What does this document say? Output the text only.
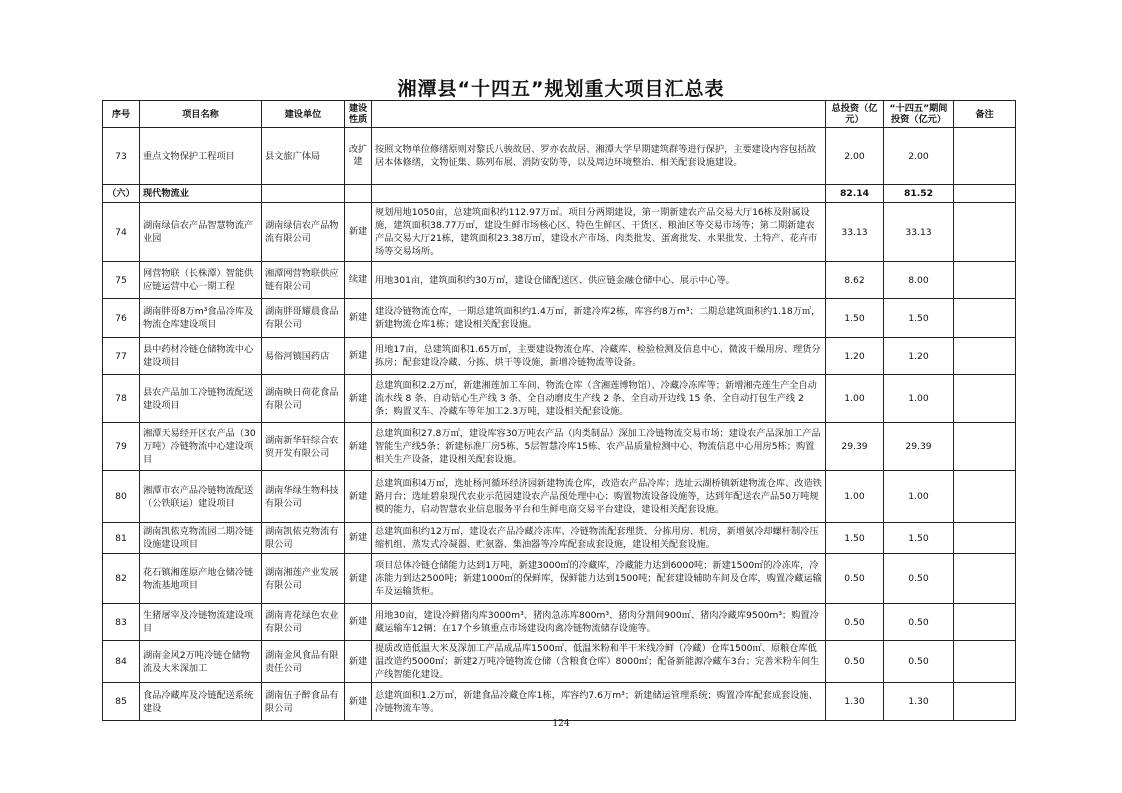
湘潭县“十四五”规划重大项目汇总表
序号	项目名称	建设单位	建设性质		总投资（亿元）	“十四五”期间投资（亿元）	备注
73	重点文物保护工程项目	县文旅广体局	改扩建	按照文物单位修缮原则对黎氏八骏故居、罗亦农故居、湘潭大学早期建筑群等进行保护，主要建设内容包括故居本体修缮，文物征集、陈列布展、消防安防等，以及周边环境整治、相关配套设施建设。	2.00	2.00	
（六）	现代物流业				82.14	81.52	
74	湖南绿信农产品智慧物流产业园	湖南绿信农产品物流有限公司	新建	规划用地1050亩，总建筑面积约112.97万㎡。项目分两期建设，第一期新建农产品交易大厅16栋及附属设施，建筑面积38.77万㎡，建设生鲜市场核心区、特色生鲜区、干货区、粮油区等交易市场等；第二期新建农产品交易大厅21栋，建筑面积23.38万㎡，建设水产市场、肉类批发、蛋禽批发、水果批发、土特产、花卉市场等交易场所。	33.13	33.13	
75	网营物联（长株潭）智能供应链运营中心一期工程	湘潭网营物联供应链有限公司	续建	用地301亩，建筑面积约30万㎡，建设仓储配送区、供应链金融仓储中心、展示中心等。	8.62	8.00	
76	湖南胖哥8万m³食品冷库及物流仓库建设项目	湖南胖哥耀晨食品有限公司	新建	建设冷链物流仓库，一期总建筑面积约1.4万㎡，新建冷库2栋，库容约8万m³；二期总建筑面积约1.18万㎡，新建物流仓库1栋；建设相关配套设施。	1.50	1.50	
77	县中药材冷链仓储物流中心建设项目	易俗河镇国药店	新建	用地17亩，总建筑面积1.65万㎡，主要建设物流仓库、冷藏库、检验检测及信息中心、微波干燥用房、理货分拣房；配套建设冷藏、分拣、烘干等设施，新增冷链物流等设备。	1.20	1.20	
78	县农产品加工冷链物流配送建设项目	湖南映日荷花食品有限公司	新建	总建筑面积2.2万㎡，新建湘莲加工车间、物流仓库（含湘莲博物馆）、冷藏冷冻库等；新增湘壳莲生产全自动流水线 8 条、自动钻心生产线 3 条、全自动磨皮生产线 2 条、全自动开边线 15 条、全自动打包生产线 2 条；购置叉车、冷藏车等年加工2.3万吨，建设相关配套设施。	1.00	1.00	
79	湘潭天易经开区农产品（30万吨）冷链物流中心建设项目	湖南新华轩综合农贸开发有限公司	新建	总建筑面积27.8万㎡，建设库容30万吨农产品（肉类制品）深加工冷链物流交易市场；建设农产品深加工产品智能生产线5条；新建标准厂房5栋、5层智慧冷库15栋、农产品质量检测中心、物流信息中心用房5栋；购置相关生产设备，建设相关配套设施。	29.39	29.39	
80	湘潭市农产品冷链物流配送（公铁联运）建设项目	湖南华绿生物科技有限公司	新建	总建筑面积4万㎡，选址杨河循环经济园新建物流仓库，改造农产品冷库；选址云湖桥镇新建物流仓库、改造铁路月台；选址碧泉现代农业示范园建设农产品预处理中心；购置物流设备设施等，达到年配送农产品50万吨规模的能力，启动智慧农业信息服务平台和生鲜电商交易平台建设，建设相关配套设施。	1.00	1.00	
81	湖南凯侬克物流园二期冷链设施建设项目	湖南凯侬克物流有限公司	新建	总建筑面积约12万㎡，建设农产品冷藏冷冻库、冷链物流配套理货、分拣用房、机房，新增氨冷却螺杆制冷压缩机组、蒸发式冷凝器、贮氨器、集油器等冷库配套成套设施，建设相关配套设施。	1.50	1.50	
82	花石镇湘莲原产地仓储冷链物流基地项目	湖南湘莲产业发展有限公司	新建	项目总体冷链仓储能力达到1万吨，新建3000㎡的冷藏库，冷藏能力达到6000吨；新建1500㎡的冷冻库，冷冻能力到达2500吨；新建1000㎡的保鲜库，保鲜能力达到1500吨；配套建设辅助车间及仓库，购置冷藏运输车及运输货柜。	0.50	0.50	
83	生猪屠宰及冷链物流建设项目	湖南青花绿色农业有限公司	新建	用地30亩，建设冷鲜猪肉库3000m³、猪肉急冻库800m³、猪肉分割间900㎡、猪肉冷藏库9500m³；购置冷藏运输车12辆；在17个乡镇重点市场建设肉禽冷链物流储存设施等。	0.50	0.50	
84	湖南金风2万吨冷链仓储物流及大米深加工	湖南金风食品有限责任公司	新建	提质改造低温大米及深加工产品成品库1500㎡、低温米粉和半干米线冷鲜（冷藏）仓库1500㎡、原粮仓库低温改造约5000㎡；新建2万吨冷链物流仓储（含粮食仓库）8000㎡；配备新能源冷藏车3台；完善米粉车间生产线智能化建设。	0.50	0.50	
85	食品冷藏库及冷链配送系统建设	湖南伍子醉食品有限公司	新建	总建筑面积1.2万㎡，新建食品冷藏仓库1栋，库容约7.6万m³；新建储运管理系统；购置冷库配套成套设施、冷链物流车等。	1.30	1.30	
124
